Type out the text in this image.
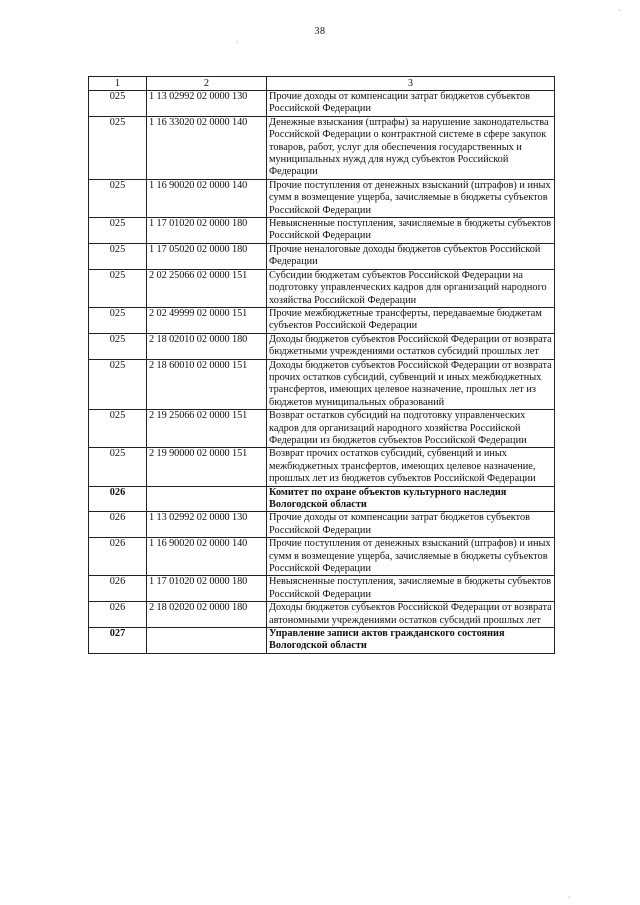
38
·
·
·
1	2	3
025	1 13 02992 02 0000 130	Прочие доходы от компенсации затрат бюджетов субъектов Российской Федерации
025	1 16 33020 02 0000 140	Денежные взыскания (штрафы) за нарушение законодательства Российской Федерации о контрактной системе в сфере закупок товаров, работ, услуг для обеспечения государственных и муниципальных нужд для нужд субъектов Российской Федерации
025	1 16 90020 02 0000 140	Прочие поступления от денежных взысканий (штрафов) и иных сумм в возмещение ущерба, зачисляемые в бюджеты субъектов Российской Федерации
025	1 17 01020 02 0000 180	Невыясненные поступления, зачисляемые в бюджеты субъектов Российской Федерации
025	1 17 05020 02 0000 180	Прочие неналоговые доходы бюджетов субъектов Российской Федерации
025	2 02 25066 02 0000 151	Субсидии бюджетам субъектов Российской Федерации на подготовку управленческих кадров для организаций народного хозяйства Российской Федерации
025	2 02 49999 02 0000 151	Прочие межбюджетные трансферты, передаваемые бюджетам субъектов Российской Федерации
025	2 18 02010 02 0000 180	Доходы бюджетов субъектов Российской Федерации от возврата бюджетными учреждениями остатков субсидий прошлых лет
025	2 18 60010 02 0000 151	Доходы бюджетов субъектов Российской Федерации от возврата прочих остатков субсидий, субвенций и иных межбюджетных трансфертов, имеющих целевое назначение, прошлых лет из бюджетов муниципальных образований
025	2 19 25066 02 0000 151	Возврат остатков субсидий на подготовку управленческих кадров для организаций народного хозяйства Российской Федерации из бюджетов субъектов Российской Федерации
025	2 19 90000 02 0000 151	Возврат прочих остатков субсидий, субвенций и иных межбюджетных трансфертов, имеющих целевое назначение, прошлых лет из бюджетов субъектов Российской Федерации
026		Комитет по охране объектов культурного наследия Вологодской области
026	1 13 02992 02 0000 130	Прочие доходы от компенсации затрат бюджетов субъектов Российской Федерации
026	1 16 90020 02 0000 140	Прочие поступления от денежных взысканий (штрафов) и иных сумм в возмещение ущерба, зачисляемые в бюджеты субъектов Российской Федерации
026	1 17 01020 02 0000 180	Невыясненные поступления, зачисляемые в бюджеты субъектов Российской Федерации
026	2 18 02020 02 0000 180	Доходы бюджетов субъектов Российской Федерации от возврата автономными учреждениями остатков субсидий прошлых лет
027		Управление записи актов гражданского состояния Вологодской области
